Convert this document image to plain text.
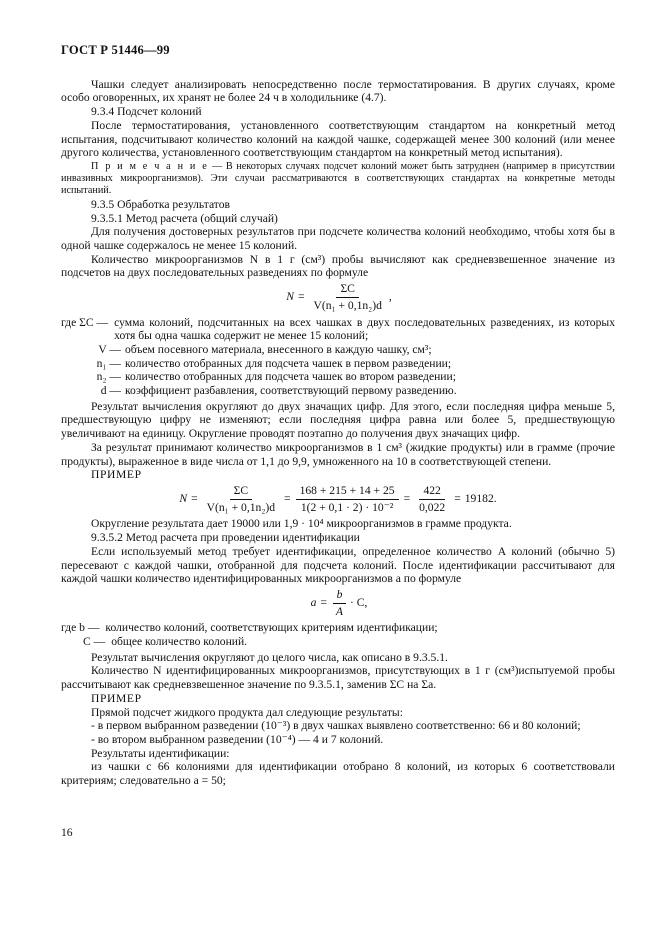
ГОСТ Р 51446—99

Чашки следует анализировать непосредственно после термостатирования. В других случаях, кроме особо оговоренных, их хранят не более 24 ч в холодильнике (4.7).

9.3.4 Подсчет колоний

После термостатирования, установленного соответствующим стандартом на конкретный метод испытания, подсчитывают количество колоний на каждой чашке, содержащей менее 300 колоний (или менее другого количества, установленного соответствующим стандартом на конкретный метод испытания).

П р и м е ч а н и е — В некоторых случаях подсчет колоний может быть затруднен (например в присутствии инвазивных микроорганизмов). Эти случаи рассматриваются в соответствующих стандартах на конкретные методы испытаний.

9.3.5 Обработка результатов

9.3.5.1 Метод расчета (общий случай)

Для получения достоверных результатов при подсчете количества колоний необходимо, чтобы хотя бы в одной чашке содержалось не менее 15 колоний.

Количество микроорганизмов N в 1 г (см³) пробы вычисляют как средневзвешенное значение из подсчетов на двух последовательных разведениях по формуле

$N = \frac{\Sigma C}{\text{V(n₁ + 0,1n₂)d}}$ ,
где ΣC — сумма колоний, подсчитанных на всех чашках в двух последовательных разведениях, из которых хотя бы одна чашка содержит не менее 15 колоний;
V — объем посевного материала, внесенного в каждую чашку, см³;
n₁ — количество отобранных для подсчета чашек в первом разведении;
n₂ — количество отобранных для подсчета чашек во втором разведении;
d — коэффициент разбавления, соответствующий первому разведению.

Результат вычисления округляют до двух значащих цифр. Для этого, если последняя цифра меньше 5, предшествующую цифру не изменяют; если последняя цифра равна или более 5, предшествующую увеличивают на единицу. Округление проводят поэтапно до получения двух значащих цифр.

За результат принимают количество микроорганизмов в 1 см³ (жидкие продукты) или в грамме (прочие продукты), выраженное в виде числа от 1,1 до 9,9, умноженного на 10 в соответствующей степени.

ПРИМЕР

$N = \frac{\Sigma C}{\text{V(n₁ + 0,1n₂)d}} = \frac{168 + 215 + 14 + 25}{\text{1(2 + 0,1 · 2) · 10⁻²}} = \frac{422}{0,022} = 19182$.

Округление результата дает 19000 или 1,9 · 10⁴ микроорганизмов в грамме продукта.

9.3.5.2 Метод расчета при проведении идентификации

Если используемый метод требует идентификации, определенное количество A колоний (обычно 5) пересевают с каждой чашки, отобранной для подсчета колоний. После идентификации рассчитывают для каждой чашки количество идентифицированных микроорганизмов a по формуле

$a = \frac{b}{A} \cdot C$,
где b — количество колоний, соответствующих критериям идентификации;
C — общее количество колоний.

Результат вычисления округляют до целого числа, как описано в 9.3.5.1.

Количество N идентифицированных микроорганизмов, присутствующих в 1 г (см³)испытуемой пробы рассчитывают как средневзвешенное значение по 9.3.5.1, заменив ΣC на Σa.

ПРИМЕР

Прямой подсчет жидкого продукта дал следующие результаты:

- в первом выбранном разведении (10⁻³) в двух чашках выявлено соответственно: 66 и 80 колоний;

- во втором выбранном разведении (10⁻⁴) — 4 и 7 колоний.

Результаты идентификации:

из чашки с 66 колониями для идентификации отобрано 8 колоний, из которых 6 соответствовали критериям; следовательно a = 50;

16
